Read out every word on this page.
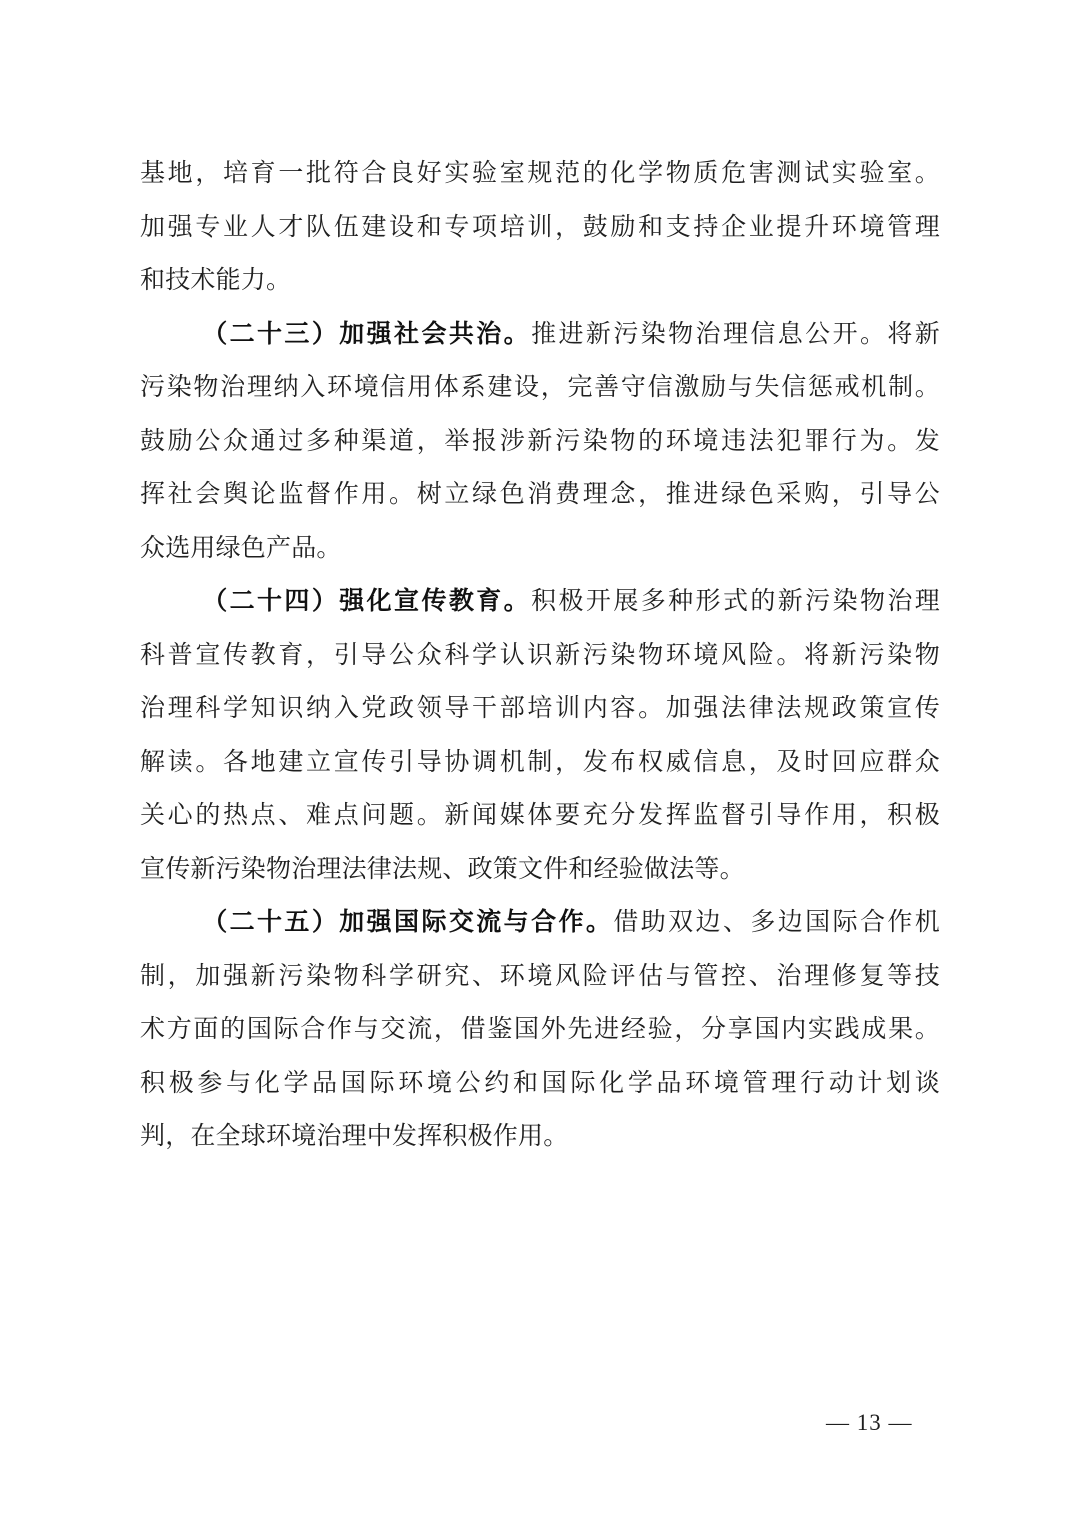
基地，培育一批符合良好实验室规范的化学物质危害测试实验室。
加强专业人才队伍建设和专项培训，鼓励和支持企业提升环境管理
和技术能力。
（二十三）加强社会共治。推进新污染物治理信息公开。将新
污染物治理纳入环境信用体系建设，完善守信激励与失信惩戒机制。
鼓励公众通过多种渠道，举报涉新污染物的环境违法犯罪行为。发
挥社会舆论监督作用。树立绿色消费理念，推进绿色采购，引导公
众选用绿色产品。
（二十四）强化宣传教育。积极开展多种形式的新污染物治理
科普宣传教育，引导公众科学认识新污染物环境风险。将新污染物
治理科学知识纳入党政领导干部培训内容。加强法律法规政策宣传
解读。各地建立宣传引导协调机制，发布权威信息，及时回应群众
关心的热点、难点问题。新闻媒体要充分发挥监督引导作用，积极
宣传新污染物治理法律法规、政策文件和经验做法等。
（二十五）加强国际交流与合作。借助双边、多边国际合作机
制，加强新污染物科学研究、环境风险评估与管控、治理修复等技
术方面的国际合作与交流，借鉴国外先进经验，分享国内实践成果。
积极参与化学品国际环境公约和国际化学品环境管理行动计划谈
判，在全球环境治理中发挥积极作用。
— 13 —
